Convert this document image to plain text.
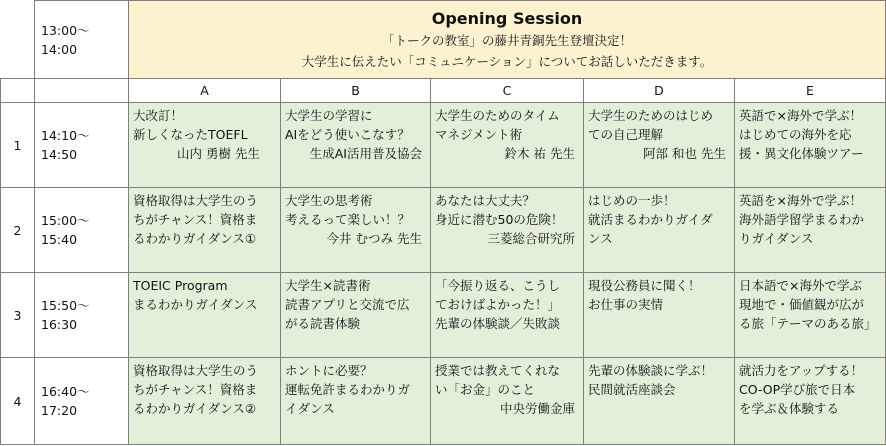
	13:00～ 14:00	Opening Session
「トークの教室」の藤井青銅先生登壇決定！
大学生に伝えたい「コミュニケーション」についてお話しいただきます。				

		A	B	C	D	E
1	14:10～ 14:50	大改訂！
新しくなったTOEFL
山内 勇樹 先生	大学生の学習に
AIをどう使いこなす？
生成AI活用普及協会	大学生のためのタイム
マネジメント術
鈴木 祐 先生	大学生のためのはじめ
ての自己理解
阿部 和也 先生	英語で×海外で学ぶ！
はじめての海外を応
援・異文化体験ツアー

2	15:00～ 15:40	資格取得は大学生のう
ちがチャンス！資格ま
るわかりガイダンス①	大学生の思考術
考えるって楽しい！？
今井 むつみ 先生	あなたは大丈夫？
身近に潜む50の危険！
三菱総合研究所	はじめの一歩！
就活まるわかりガイダ
ンス	英語を×海外で学ぶ！
海外語学留学まるわか
りガイダンス

3	15:50～ 16:30	TOEIC Program
まるわかりガイダンス	大学生×読書術
読書アプリと交流で広
がる読書体験	「今振り返る、こうし
ておけばよかった！」
先輩の体験談／失敗談	現役公務員に聞く！
お仕事の実情	日本語で×海外で学ぶ
現地で・価値観が広が
る旅「テーマのある旅」

4	16:40～ 17:20	資格取得は大学生のう
ちがチャンス！資格ま
るわかりガイダンス②	ホントに必要？
運転免許まるわかりガ
イダンス	授業では教えてくれな
い「お金」のこと
中央労働金庫	先輩の体験談に学ぶ！
民間就活座談会	就活力をアップする！
CO-OP学び旅で日本
を学ぶ＆体験する
